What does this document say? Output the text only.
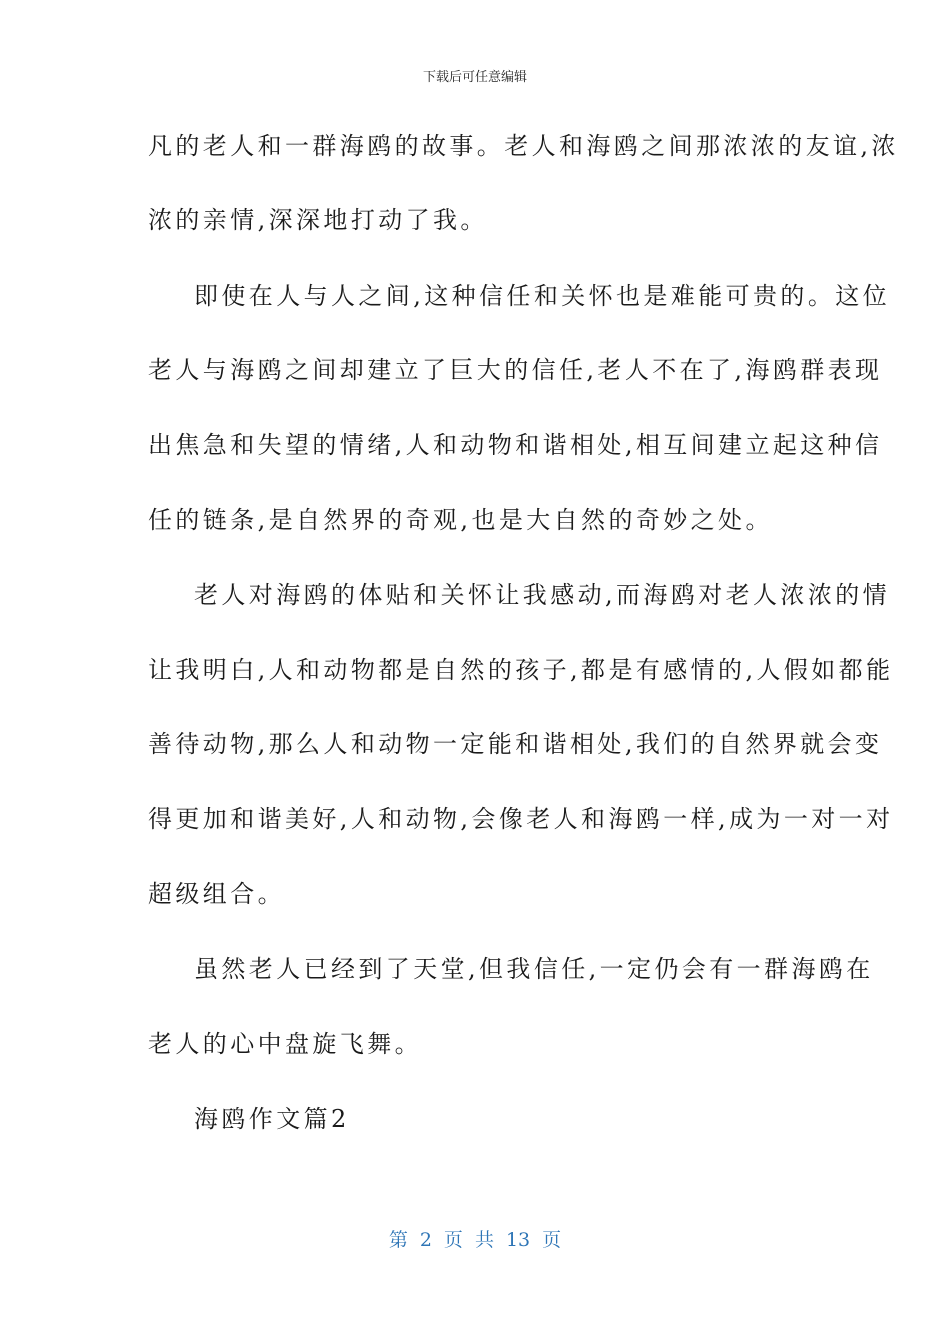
下载后可任意编辑
凡的老人和一群海鸥的故事。老人和海鸥之间那浓浓的友谊,浓
浓的亲情,深深地打动了我。
即使在人与人之间,这种信任和关怀也是难能可贵的。这位
老人与海鸥之间却建立了巨大的信任,老人不在了,海鸥群表现
出焦急和失望的情绪,人和动物和谐相处,相互间建立起这种信
任的链条,是自然界的奇观,也是大自然的奇妙之处。
老人对海鸥的体贴和关怀让我感动,而海鸥对老人浓浓的情
让我明白,人和动物都是自然的孩子,都是有感情的,人假如都能
善待动物,那么人和动物一定能和谐相处,我们的自然界就会变
得更加和谐美好,人和动物,会像老人和海鸥一样,成为一对一对
超级组合。
虽然老人已经到了天堂,但我信任,一定仍会有一群海鸥在
老人的心中盘旋飞舞。
海鸥作文篇2
第 2 页 共 13 页
